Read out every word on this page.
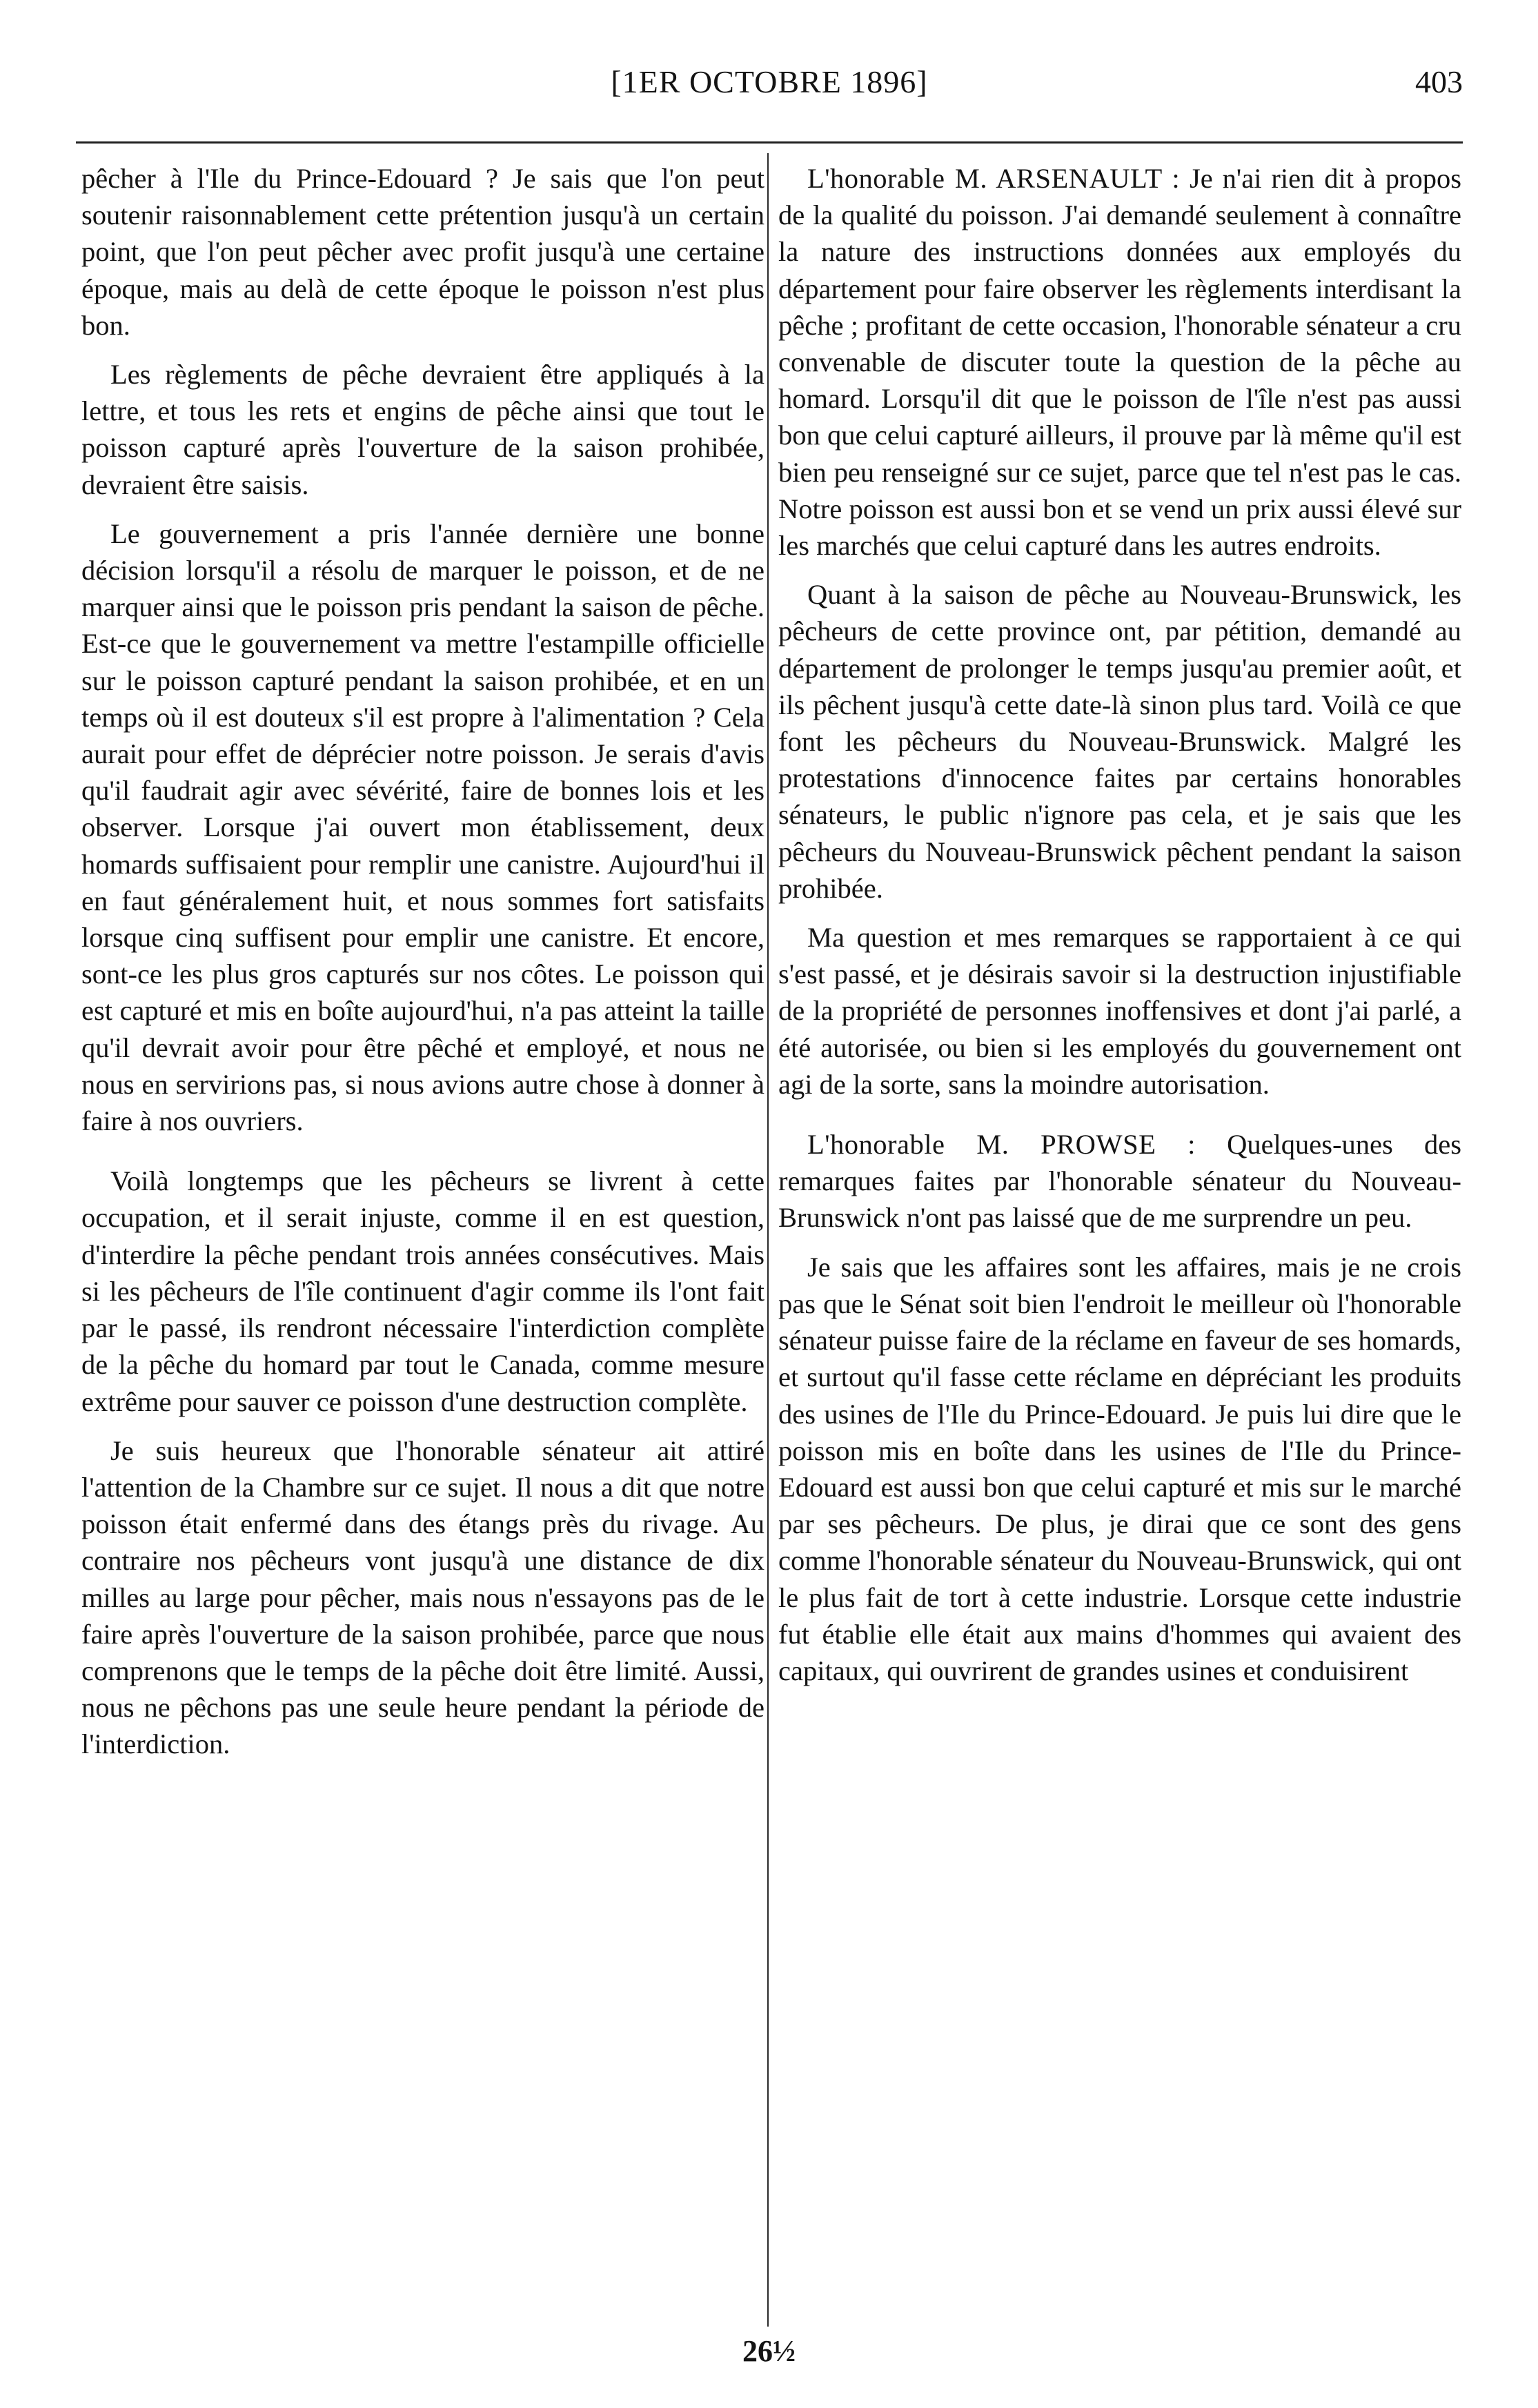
[1ER OCTOBRE 1896]	403

pêcher à l'Ile du Prince-Edouard ? Je sais que l'on peut soutenir raisonnablement cette prétention jusqu'à un certain point, que l'on peut pêcher avec profit jusqu'à une certaine époque, mais au delà de cette époque le poisson n'est plus bon.

Les règlements de pêche devraient être appliqués à la lettre, et tous les rets et engins de pêche ainsi que tout le poisson capturé après l'ouverture de la saison prohibée, devraient être saisis.

Le gouvernement a pris l'année dernière une bonne décision lorsqu'il a résolu de marquer le poisson, et de ne marquer ainsi que le poisson pris pendant la saison de pêche. Est-ce que le gouvernement va mettre l'estampille officielle sur le poisson capturé pendant la saison prohibée, et en un temps où il est douteux s'il est propre à l'alimentation ? Cela aurait pour effet de déprécier notre poisson. Je serais d'avis qu'il faudrait agir avec sévérité, faire de bonnes lois et les observer. Lorsque j'ai ouvert mon établissement, deux homards suffisaient pour remplir une canistre. Aujourd'hui il en faut généralement huit, et nous sommes fort satisfaits lorsque cinq suffisent pour emplir une canistre. Et encore, sont-ce les plus gros capturés sur nos côtes. Le poisson qui est capturé et mis en boîte aujourd'hui, n'a pas atteint la taille qu'il devrait avoir pour être pêché et employé, et nous ne nous en servirions pas, si nous avions autre chose à donner à faire à nos ouvriers.

Voilà longtemps que les pêcheurs se livrent à cette occupation, et il serait injuste, comme il en est question, d'interdire la pêche pendant trois années consécutives. Mais si les pêcheurs de l'île continuent d'agir comme ils l'ont fait par le passé, ils rendront nécessaire l'interdiction complète de la pêche du homard par tout le Canada, comme mesure extrême pour sauver ce poisson d'une destruction complète.

Je suis heureux que l'honorable sénateur ait attiré l'attention de la Chambre sur ce sujet. Il nous a dit que notre poisson était enfermé dans des étangs près du rivage. Au contraire nos pêcheurs vont jusqu'à une distance de dix milles au large pour pêcher, mais nous n'essayons pas de le faire après l'ouverture de la saison prohibée, parce que nous comprenons que le temps de la pêche doit être limité. Aussi, nous ne pêchons pas une seule heure pendant la période de l'interdiction.

L'honorable M. ARSENAULT : Je n'ai rien dit à propos de la qualité du poisson. J'ai demandé seulement à connaître la nature des instructions données aux employés du département pour faire observer les règlements interdisant la pêche ; profitant de cette occasion, l'honorable sénateur a cru convenable de discuter toute la question de la pêche au homard. Lorsqu'il dit que le poisson de l'île n'est pas aussi bon que celui capturé ailleurs, il prouve par là même qu'il est bien peu renseigné sur ce sujet, parce que tel n'est pas le cas. Notre poisson est aussi bon et se vend un prix aussi élevé sur les marchés que celui capturé dans les autres endroits.

Quant à la saison de pêche au Nouveau-Brunswick, les pêcheurs de cette province ont, par pétition, demandé au département de prolonger le temps jusqu'au premier août, et ils pêchent jusqu'à cette date-là sinon plus tard. Voilà ce que font les pêcheurs du Nouveau-Brunswick. Malgré les protestations d'innocence faites par certains honorables sénateurs, le public n'ignore pas cela, et je sais que les pêcheurs du Nouveau-Brunswick pêchent pendant la saison prohibée.

Ma question et mes remarques se rapportaient à ce qui s'est passé, et je désirais savoir si la destruction injustifiable de la propriété de personnes inoffensives et dont j'ai parlé, a été autorisée, ou bien si les employés du gouvernement ont agi de la sorte, sans la moindre autorisation.

L'honorable M. PROWSE : Quelques-unes des remarques faites par l'honorable sénateur du Nouveau-Brunswick n'ont pas laissé que de me surprendre un peu.

Je sais que les affaires sont les affaires, mais je ne crois pas que le Sénat soit bien l'endroit le meilleur où l'honorable sénateur puisse faire de la réclame en faveur de ses homards, et surtout qu'il fasse cette réclame en dépréciant les produits des usines de l'Ile du Prince-Edouard. Je puis lui dire que le poisson mis en boîte dans les usines de l'Ile du Prince-Edouard est aussi bon que celui capturé et mis sur le marché par ses pêcheurs. De plus, je dirai que ce sont des gens comme l'honorable sénateur du Nouveau-Brunswick, qui ont le plus fait de tort à cette industrie. Lorsque cette industrie fut établie elle était aux mains d'hommes qui avaient des capitaux, qui ouvrirent de grandes usines et conduisirent

26½
